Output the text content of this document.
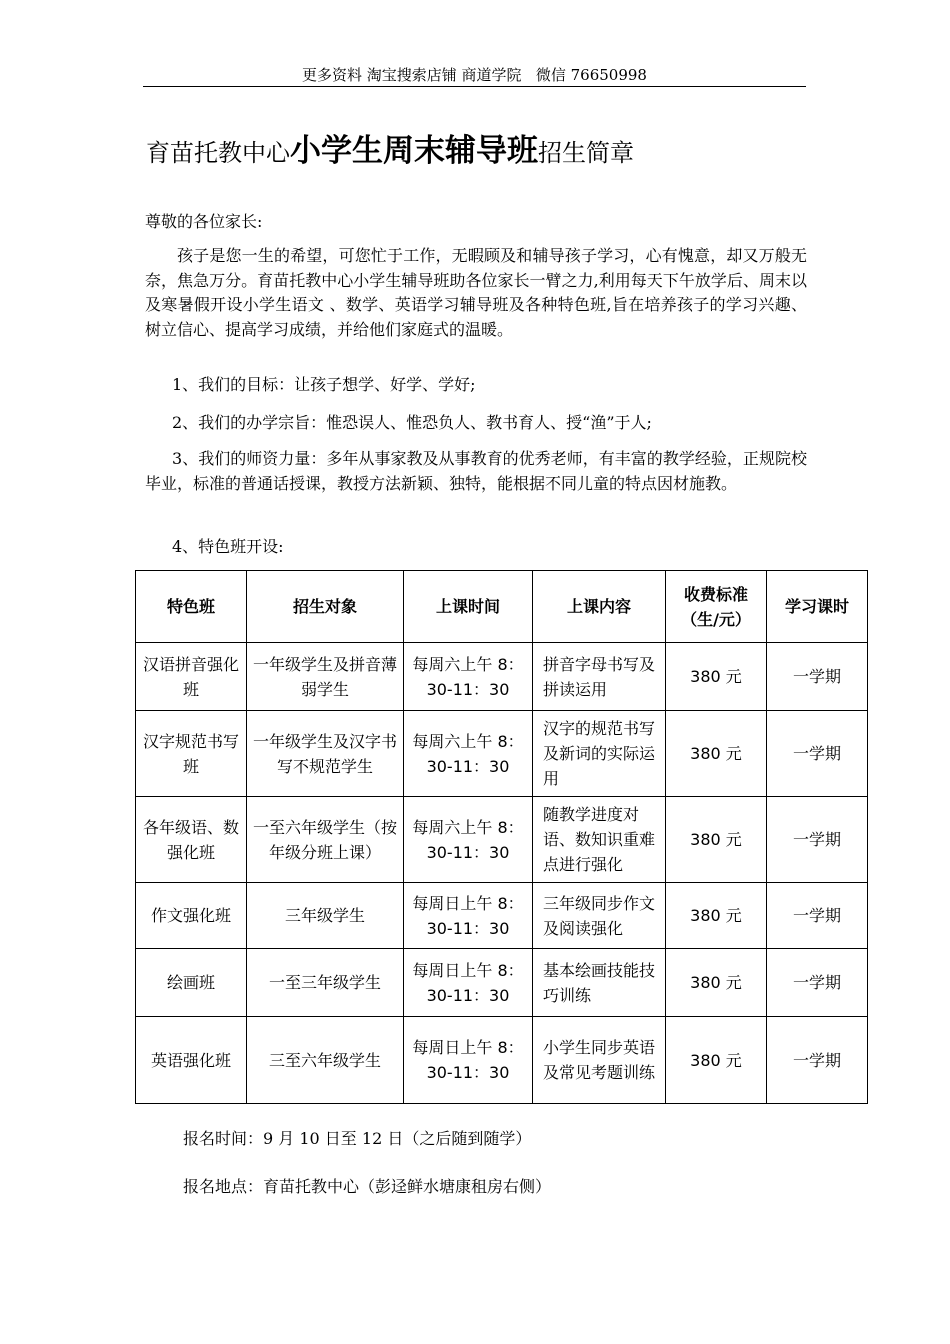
更多资料 淘宝搜索店铺 商道学院   微信 76650998
育苗托教中心小学生周末辅导班招生简章
尊敬的各位家长:
孩子是您一生的希望，可您忙于工作，无暇顾及和辅导孩子学习，心有愧意，却又万般无奈，焦急万分。育苗托教中心小学生辅导班助各位家长一臂之力,利用每天下午放学后、周末以及寒暑假开设小学生语文 、数学、英语学习辅导班及各种特色班,旨在培养孩子的学习兴趣、树立信心、提高学习成绩，并给他们家庭式的温暖。
1、我们的目标：让孩子想学、好学、学好;
2、我们的办学宗旨：惟恐误人、惟恐负人、教书育人、授“渔”于人;
3、我们的师资力量：多年从事家教及从事教育的优秀老师，有丰富的教学经验，正规院校毕业，标准的普通话授课，教授方法新颖、独特，能根据不同儿童的特点因材施教。
4、特色班开设:
特色班	招生对象	上课时间	上课内容	收费标准（生/元）	学习课时
汉语拼音强化班	一年级学生及拼音薄弱学生	每周六上午 8：30-11：30	拼音字母书写及拼读运用	380 元	一学期
汉字规范书写班	一年级学生及汉字书写不规范学生	每周六上午 8：30-11：30	汉字的规范书写及新词的实际运用	380 元	一学期
各年级语、数强化班	一至六年级学生（按年级分班上课）	每周六上午 8：30-11：30	随教学进度对语、数知识重难点进行强化	380 元	一学期
作文强化班	三年级学生	每周日上午 8：30-11：30	三年级同步作文及阅读强化	380 元	一学期
绘画班	一至三年级学生	每周日上午 8：30-11：30	基本绘画技能技巧训练	380 元	一学期
英语强化班	三至六年级学生	每周日上午 8：30-11：30	小学生同步英语及常见考题训练	380 元	一学期
报名时间：9 月 10 日至 12 日（之后随到随学）
报名地点：育苗托教中心（彭迳鲜水塘康租房右侧）
